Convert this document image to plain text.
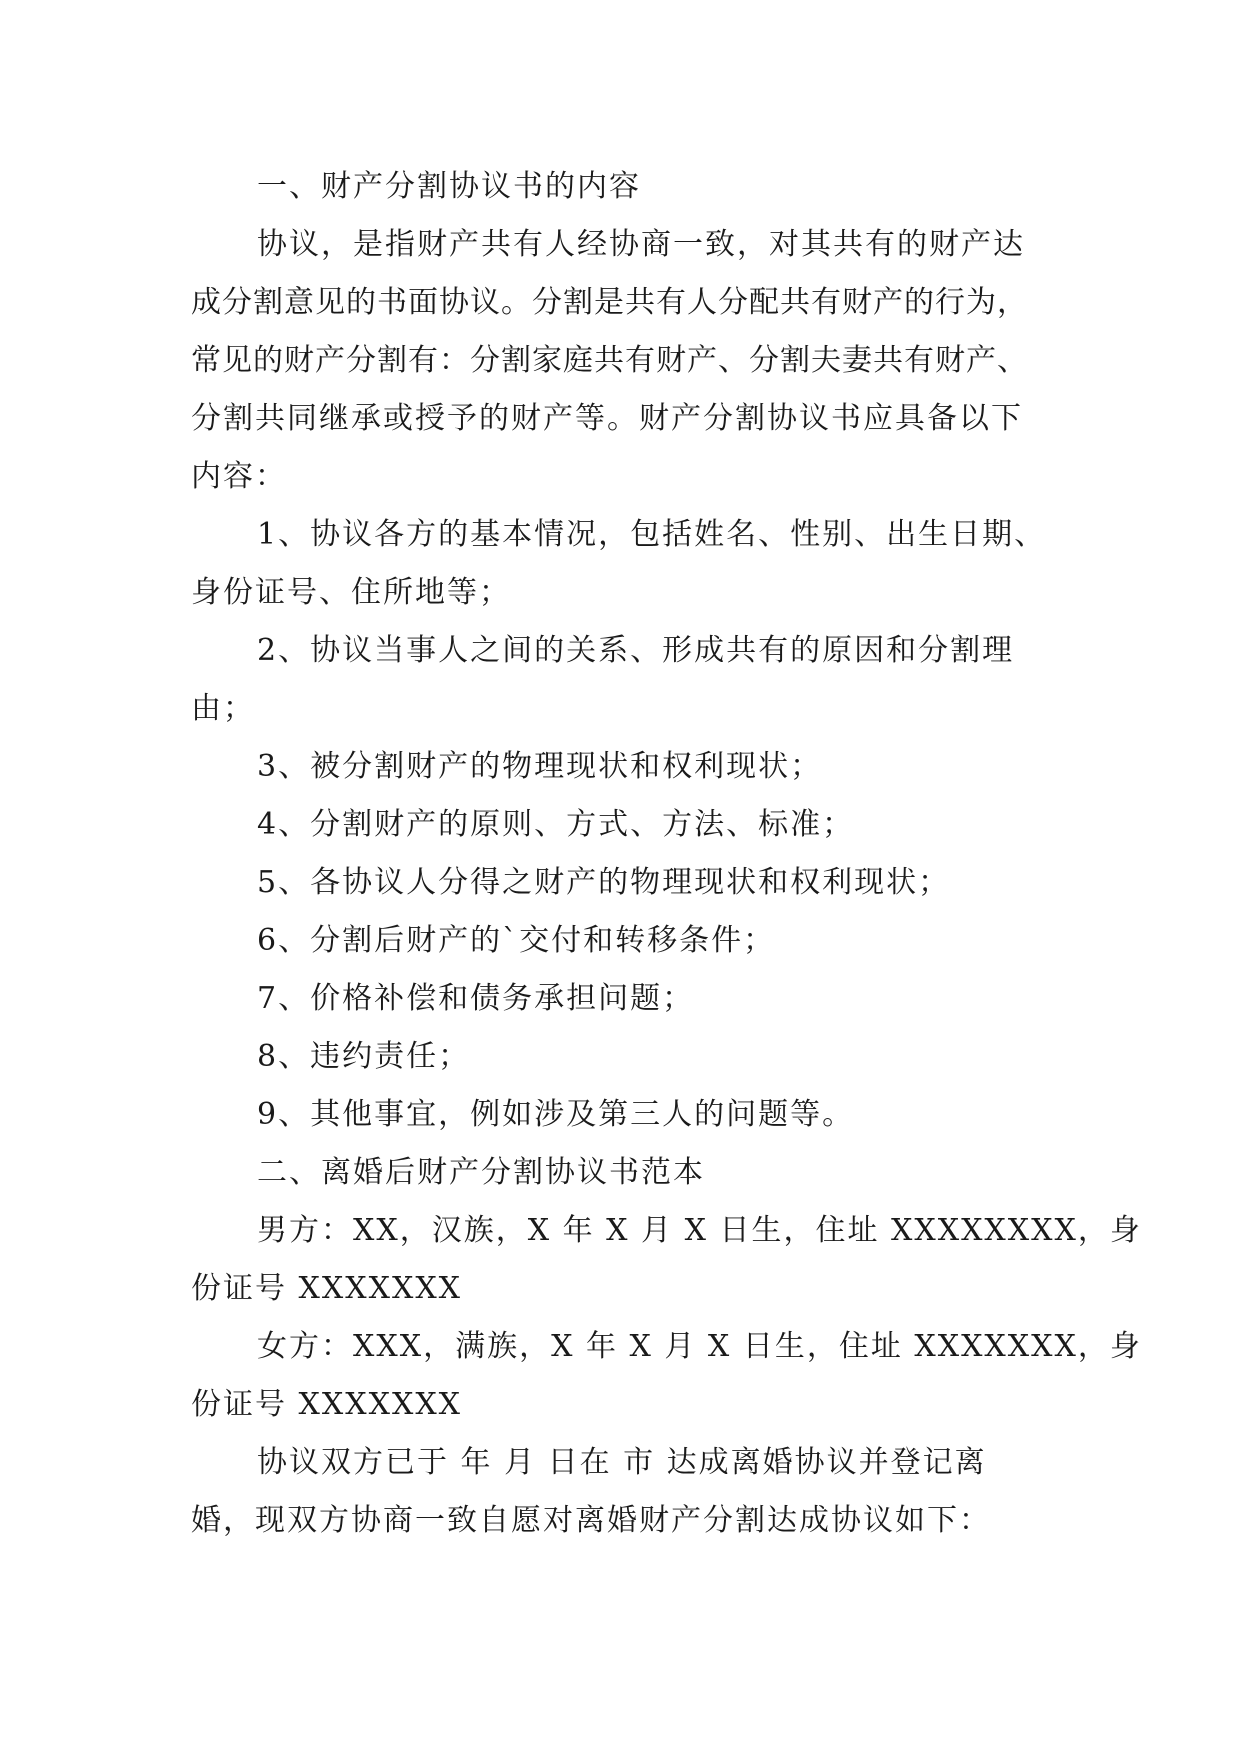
一、财产分割协议书的内容
协议，是指财产共有人经协商一致，对其共有的财产达
成分割意见的书面协议。分割是共有人分配共有财产的行为，
常见的财产分割有：分割家庭共有财产、分割夫妻共有财产、
分割共同继承或授予的财产等。财产分割协议书应具备以下
内容：
1、协议各方的基本情况，包括姓名、性别、出生日期、
身份证号、住所地等；
2、协议当事人之间的关系、形成共有的原因和分割理
由；
3、被分割财产的物理现状和权利现状；
4、分割财产的原则、方式、方法、标准；
5、各协议人分得之财产的物理现状和权利现状；
6、分割后财产的`交付和转移条件；
7、价格补偿和债务承担问题；
8、违约责任；
9、其他事宜，例如涉及第三人的问题等。
二、离婚后财产分割协议书范本
男方：XX，汉族，X 年 X 月 X 日生，住址 XXXXXXXX，身
份证号 XXXXXXX
女方：XXX，满族，X 年 X 月 X 日生，住址 XXXXXXX，身
份证号 XXXXXXX
协议双方已于 年 月 日在 市 达成离婚协议并登记离
婚，现双方协商一致自愿对离婚财产分割达成协议如下：
